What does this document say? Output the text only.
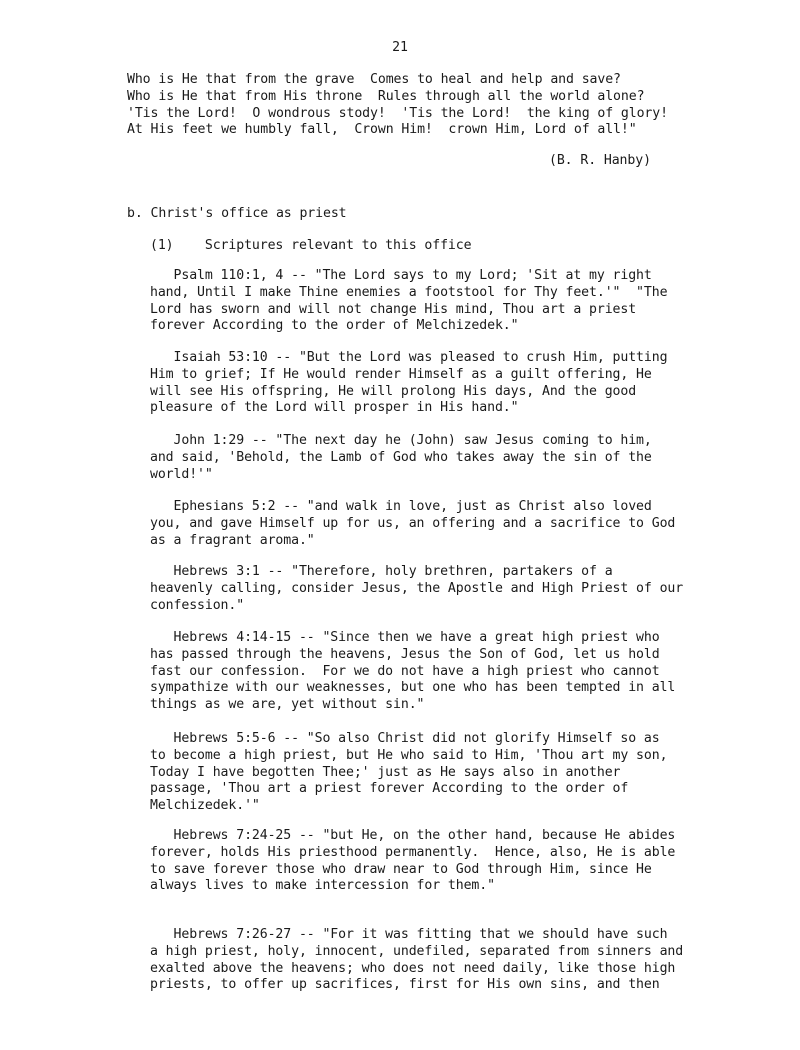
21
Who is He that from the grave  Comes to heal and help and save?
Who is He that from His throne  Rules through all the world alone?
'Tis the Lord!  O wondrous stody!  'Tis the Lord!  the king of glory!
At His feet we humbly fall,  Crown Him!  crown Him, Lord of all!"
(B. R. Hanby)
b. Christ's office as priest
(1)    Scriptures relevant to this office
Psalm 110:1, 4 -- "The Lord says to my Lord; 'Sit at my right
hand, Until I make Thine enemies a footstool for Thy feet.'"  "The
Lord has sworn and will not change His mind, Thou art a priest
forever According to the order of Melchizedek."
Isaiah 53:10 -- "But the Lord was pleased to crush Him, putting
Him to grief; If He would render Himself as a guilt offering, He
will see His offspring, He will prolong His days, And the good
pleasure of the Lord will prosper in His hand."
John 1:29 -- "The next day he (John) saw Jesus coming to him,
and said, 'Behold, the Lamb of God who takes away the sin of the
world!'"
Ephesians 5:2 -- "and walk in love, just as Christ also loved
you, and gave Himself up for us, an offering and a sacrifice to God
as a fragrant aroma."
Hebrews 3:1 -- "Therefore, holy brethren, partakers of a
heavenly calling, consider Jesus, the Apostle and High Priest of our
confession."
Hebrews 4:14-15 -- "Since then we have a great high priest who
has passed through the heavens, Jesus the Son of God, let us hold
fast our confession.  For we do not have a high priest who cannot
sympathize with our weaknesses, but one who has been tempted in all
things as we are, yet without sin."
Hebrews 5:5-6 -- "So also Christ did not glorify Himself so as
to become a high priest, but He who said to Him, 'Thou art my son,
Today I have begotten Thee;' just as He says also in another
passage, 'Thou art a priest forever According to the order of
Melchizedek.'"
Hebrews 7:24-25 -- "but He, on the other hand, because He abides
forever, holds His priesthood permanently.  Hence, also, He is able
to save forever those who draw near to God through Him, since He
always lives to make intercession for them."
Hebrews 7:26-27 -- "For it was fitting that we should have such
a high priest, holy, innocent, undefiled, separated from sinners and
exalted above the heavens; who does not need daily, like those high
priests, to offer up sacrifices, first for His own sins, and then
